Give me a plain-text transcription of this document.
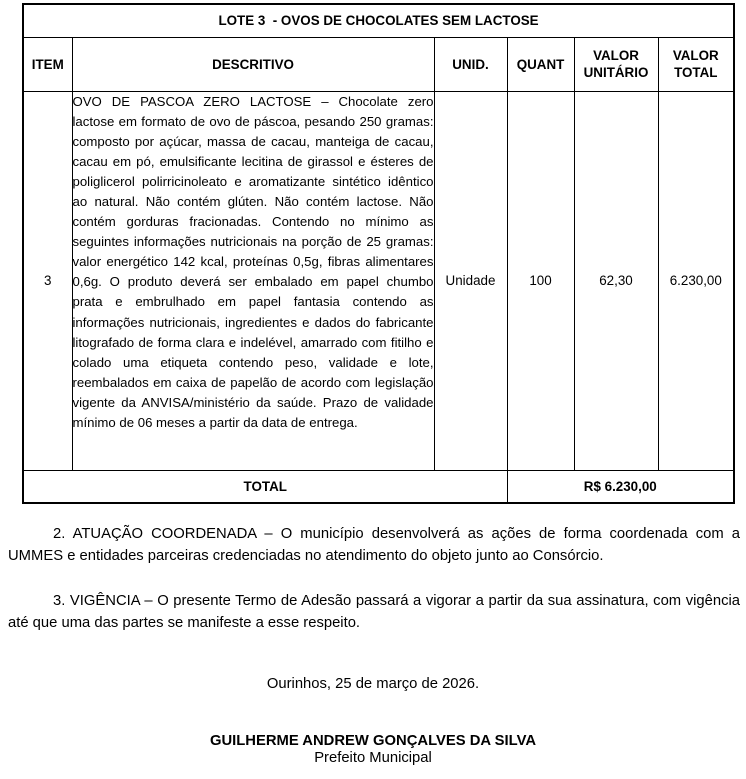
LOTE 3  - OVOS DE CHOCOLATES SEM LACTOSE					
ITEM	DESCRITIVO	UNID.	QUANT	VALOR UNITÁRIO	VALOR TOTAL
3	OVO DE PASCOA ZERO LACTOSE – Chocolate zero lactose em formato de ovo de páscoa, pesando 250 gramas: composto por açúcar, massa de cacau, manteiga de cacau, cacau em pó, emulsificante lecitina de girassol e ésteres de poliglicerol polirricinoleato e aromatizante sintético idêntico ao natural. Não contém glúten. Não contém lactose. Não contém gorduras fracionadas. Contendo no mínimo as seguintes informações nutricionais na porção de 25 gramas: valor energético 142 kcal, proteínas 0,5g, fibras alimentares 0,6g. O produto deverá ser embalado em papel chumbo prata e embrulhado em papel fantasia contendo as informações nutricionais, ingredientes e dados do fabricante litografado de forma clara e indelével, amarrado com fitilho e colado uma etiqueta contendo peso, validade e lote, reembalados em caixa de papelão de acordo com legislação vigente da ANVISA/ministério da saúde. Prazo de validade mínimo de 06 meses a partir da data de entrega.	Unidade	100	62,30	6.230,00
TOTAL			R$ 6.230,00		

2. ATUAÇÃO COORDENADA – O município desenvolverá as ações de forma coordenada com a UMMES e entidades parceiras credenciadas no atendimento do objeto junto ao Consórcio.

3. VIGÊNCIA – O presente Termo de Adesão passará a vigorar a partir da sua assinatura, com vigência até que uma das partes se manifeste a esse respeito.

Ourinhos, 25 de março de 2026.
GUILHERME ANDREW GONÇALVES DA SILVA
Prefeito Municipal
